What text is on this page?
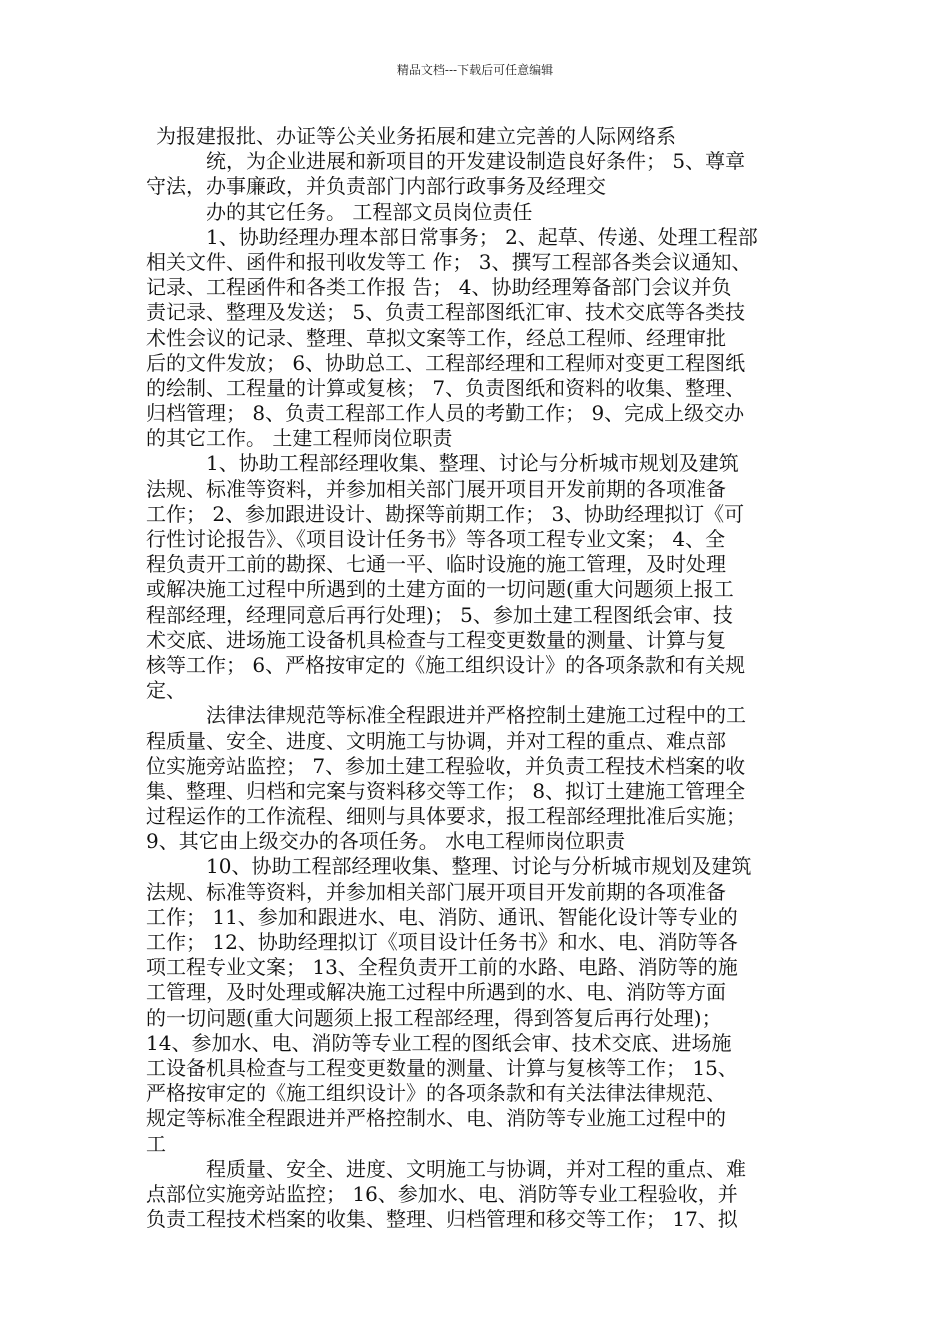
精品文档---下载后可任意编辑
为报建报批、办证等公关业务拓展和建立完善的人际网络系
统，为企业进展和新项目的开发建设制造良好条件； 5、尊章
守法，办事廉政，并负责部门内部行政事务及经理交
办的其它任务。 工程部文员岗位责任
1、协助经理办理本部日常事务； 2、起草、传递、处理工程部
相关文件、函件和报刊收发等工 作； 3、撰写工程部各类会议通知、
记录、工程函件和各类工作报 告； 4、协助经理筹备部门会议并负
责记录、整理及发送； 5、负责工程部图纸汇审、技术交底等各类技
术性会议的记录、整理、草拟文案等工作，经总工程师、经理审批
后的文件发放； 6、协助总工、工程部经理和工程师对变更工程图纸
的绘制、工程量的计算或复核； 7、负责图纸和资料的收集、整理、
归档管理； 8、负责工程部工作人员的考勤工作； 9、完成上级交办
的其它工作。 土建工程师岗位职责
1、协助工程部经理收集、整理、讨论与分析城市规划及建筑
法规、标准等资料，并参加相关部门展开项目开发前期的各项准备
工作； 2、参加跟进设计、勘探等前期工作； 3、协助经理拟订《可
行性讨论报告》、《项目设计任务书》等各项工程专业文案； 4、全
程负责开工前的勘探、七通一平、临时设施的施工管理，及时处理
或解决施工过程中所遇到的土建方面的一切问题(重大问题须上报工
程部经理，经理同意后再行处理)； 5、参加土建工程图纸会审、技
术交底、进场施工设备机具检查与工程变更数量的测量、计算与复
核等工作； 6、严格按审定的《施工组织设计》的各项条款和有关规
定、
法律法律规范等标准全程跟进并严格控制土建施工过程中的工
程质量、安全、进度、文明施工与协调，并对工程的重点、难点部
位实施旁站监控； 7、参加土建工程验收，并负责工程技术档案的收
集、整理、归档和完案与资料移交等工作； 8、拟订土建施工管理全
过程运作的工作流程、细则与具体要求，报工程部经理批准后实施；
9、其它由上级交办的各项任务。 水电工程师岗位职责
10、协助工程部经理收集、整理、讨论与分析城市规划及建筑
法规、标准等资料，并参加相关部门展开项目开发前期的各项准备
工作； 11、参加和跟进水、电、消防、通讯、智能化设计等专业的
工作； 12、协助经理拟订《项目设计任务书》和水、电、消防等各
项工程专业文案； 13、全程负责开工前的水路、电路、消防等的施
工管理，及时处理或解决施工过程中所遇到的水、电、消防等方面
的一切问题(重大问题须上报工程部经理，得到答复后再行处理)；
14、参加水、电、消防等专业工程的图纸会审、技术交底、进场施
工设备机具检查与工程变更数量的测量、计算与复核等工作； 15、
严格按审定的《施工组织设计》的各项条款和有关法律法律规范、
规定等标准全程跟进并严格控制水、电、消防等专业施工过程中的
工
程质量、安全、进度、文明施工与协调，并对工程的重点、难
点部位实施旁站监控； 16、参加水、电、消防等专业工程验收，并
负责工程技术档案的收集、整理、归档管理和移交等工作； 17、拟
